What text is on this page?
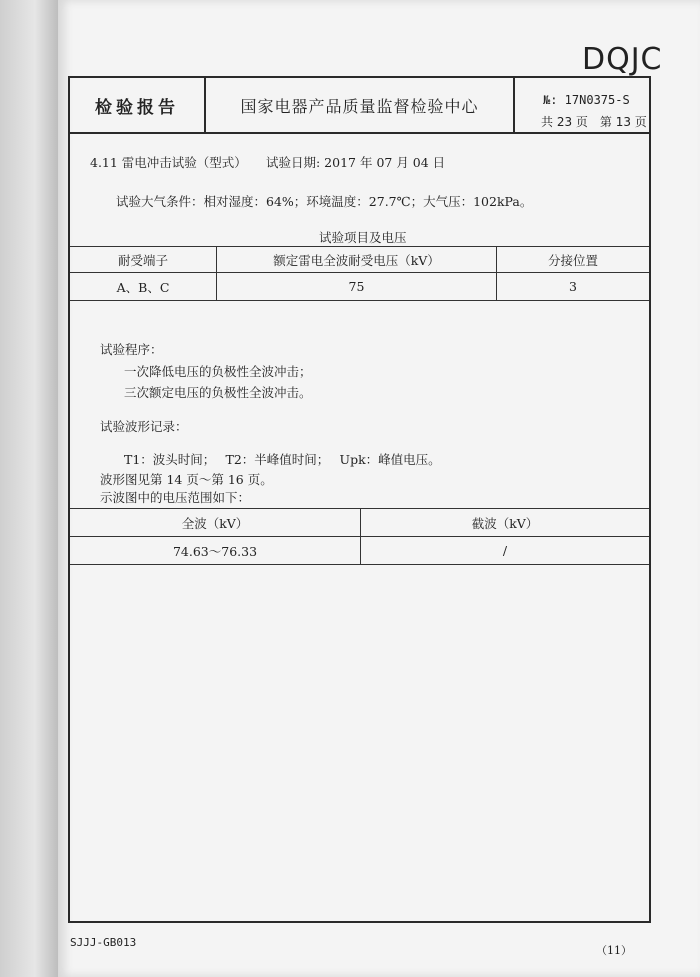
DQJC
检验报告	国家电器产品质量监督检验中心	№: 17N0375-S
共 23 页　第 13 页
4.11 雷电冲击试验（型式） 试验日期: 2017 年 07 月 04 日
试验大气条件：相对湿度：64%；环境温度：27.7℃；大气压：102kPa。
试验项目及电压
耐受端子	额定雷电全波耐受电压（kV）	分接位置
A、B、C	75	3
试验程序：
一次降低电压的负极性全波冲击；
三次额定电压的负极性全波冲击。
试验波形记录：
T1：波头时间；　 T2：半峰值时间；　 Upk：峰值电压。
波形图见第 14 页～第 16 页。
示波图中的电压范围如下：
全波（kV）	截波（kV）
74.63～76.33	/
SJJJ-GB013
（11）
